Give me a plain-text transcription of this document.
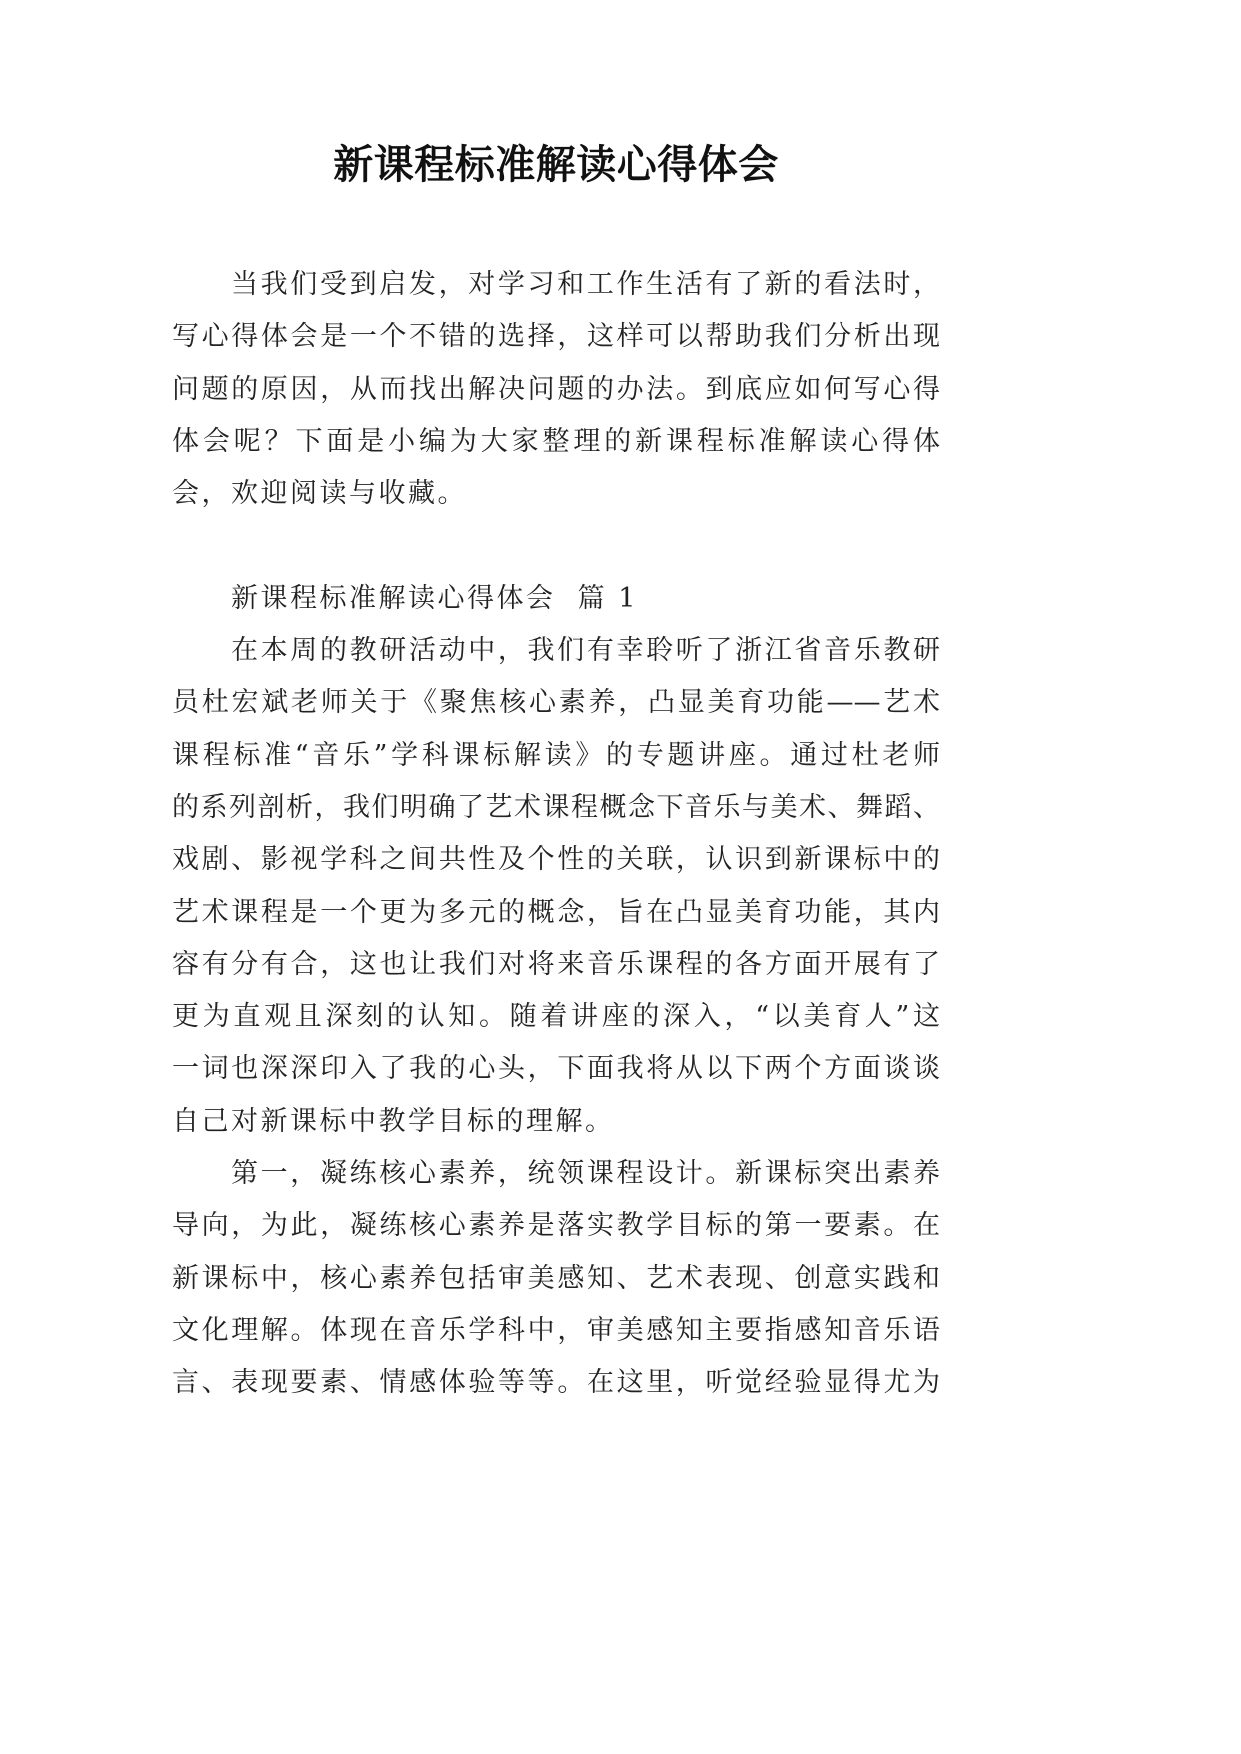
新课程标准解读心得体会
当我们受到启发，对学习和工作生活有了新的看法时，
写心得体会是一个不错的选择，这样可以帮助我们分析出现
问题的原因，从而找出解决问题的办法。到底应如何写心得
体会呢？下面是小编为大家整理的新课程标准解读心得体
会，欢迎阅读与收藏。
新课程标准解读心得体会  篇 1
在本周的教研活动中，我们有幸聆听了浙江省音乐教研
员杜宏斌老师关于《聚焦核心素养，凸显美育功能——艺术
课程标准“音乐”学科课标解读》的专题讲座。通过杜老师
的系列剖析，我们明确了艺术课程概念下音乐与美术、舞蹈、
戏剧、影视学科之间共性及个性的关联，认识到新课标中的
艺术课程是一个更为多元的概念，旨在凸显美育功能，其内
容有分有合，这也让我们对将来音乐课程的各方面开展有了
更为直观且深刻的认知。随着讲座的深入，“以美育人”这
一词也深深印入了我的心头，下面我将从以下两个方面谈谈
自己对新课标中教学目标的理解。
第一，凝练核心素养，统领课程设计。新课标突出素养
导向，为此，凝练核心素养是落实教学目标的第一要素。在
新课标中，核心素养包括审美感知、艺术表现、创意实践和
文化理解。体现在音乐学科中，审美感知主要指感知音乐语
言、表现要素、情感体验等等。在这里，听觉经验显得尤为
